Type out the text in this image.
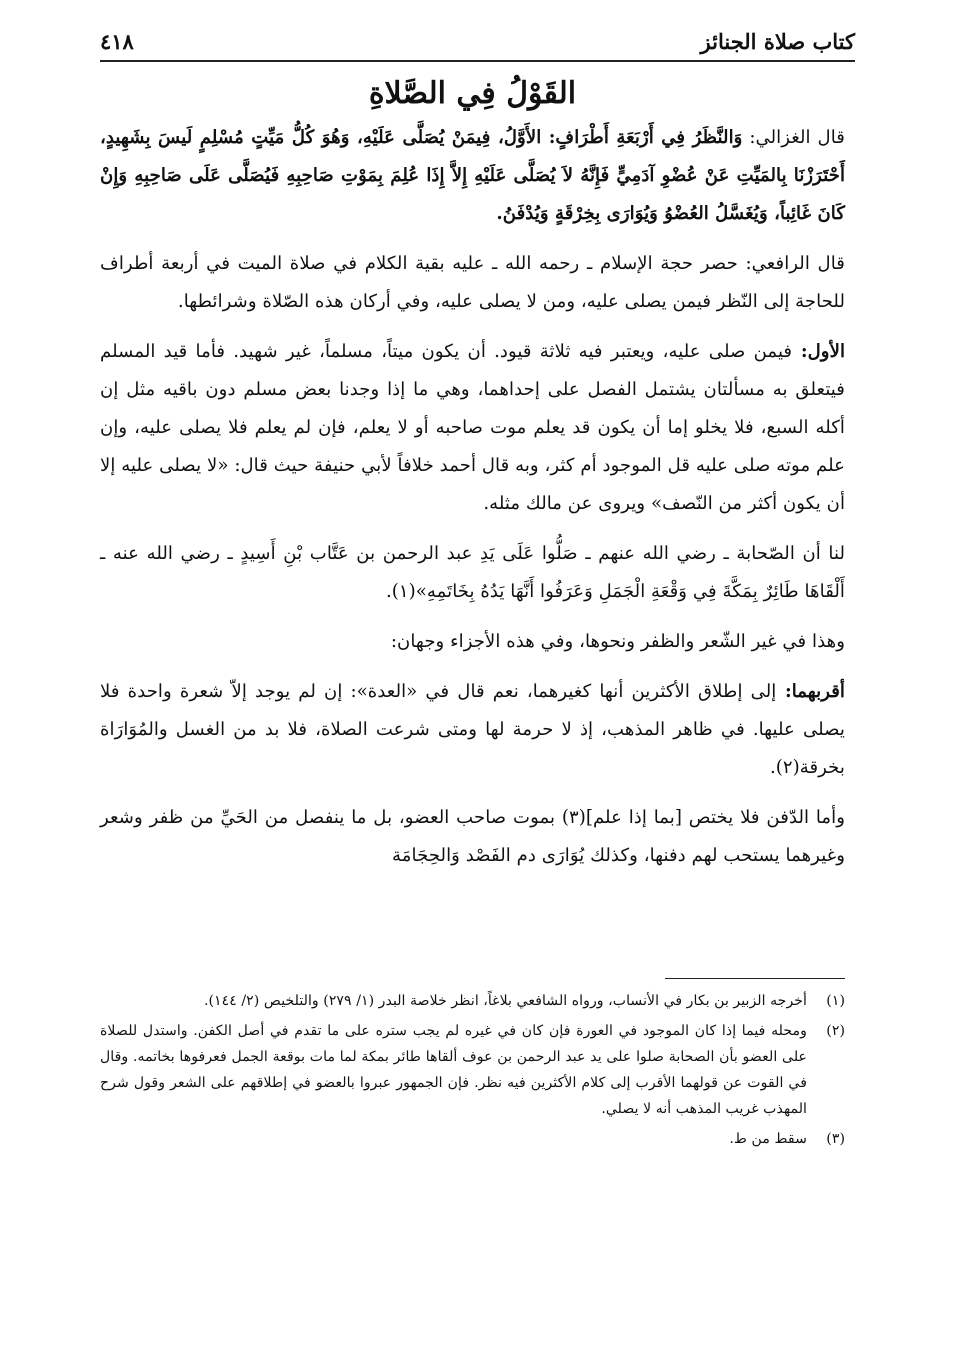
كتاب صلاة الجنائز
٤١٨
القَوْلُ فِي الصَّلاةِ

قال الغزالي: وَالنَّظَرُ فِي أَرْبَعَةِ أَطْرَافٍ: الأَوَّلُ، فِيمَنْ يُصَلَّى عَلَيْهِ، وَهُوَ كُلُّ مَيِّتٍ مُسْلِمٍ لَيسَ بِشَهِيدٍ، أَحْتَرَزْنَا بِالمَيِّتِ عَنْ عُضْوِ آدَمِيٍّ فَإِنَّهُ لاَ يُصَلَّى عَلَيْهِ إِلاَّ إِذَا عُلِمَ بِمَوْتِ صَاحِبِهِ فَيُصَلَّى عَلَى صَاحِبِهِ وَإِنْ كَانَ غَائِباً، وَيُغَسَّلُ العُضْوُ وَيُوَارَى بِخِرْقَةٍ وَيُدْفَنُ.

قال الرافعي: حصر حجة الإسلام ـ رحمه الله ـ عليه بقية الكلام في صلاة الميت في أربعة أطراف للحاجة إلى النّظر فيمن يصلى عليه، ومن لا يصلى عليه، وفي أركان هذه الصّلاة وشرائطها.

الأول: فيمن صلى عليه، ويعتبر فيه ثلاثة قيود. أن يكون ميتاً، مسلماً، غير شهيد. فأما قيد المسلم فيتعلق به مسألتان يشتمل الفصل على إحداهما، وهي ما إذا وجدنا بعض مسلم دون باقيه مثل إن أكله السبع، فلا يخلو إما أن يكون قد يعلم موت صاحبه أو لا يعلم، فإن لم يعلم فلا يصلى عليه، وإن علم موته صلى عليه قل الموجود أم كثر، وبه قال أحمد خلافاً لأبي حنيفة حيث قال: «لا يصلى عليه إلا أن يكون أكثر من النّصف» ويروى عن مالك مثله.

لنا أن الصّحابة ـ رضي الله عنهم ـ صَلُّوا عَلَى يَدِ عبد الرحمن بن عَتَّاب بْنِ أَسِيدٍ ـ رضي الله عنه ـ أَلْقَاهَا طَائِرٌ بِمَكَّةَ فِي وَقْعَةِ الْجَمَلِ وَعَرَفُوا أَنَّهَا يَدُهُ بِخَاتَمِهِ»(١).

وهذا في غير الشّعر والظفر ونحوها، وفي هذه الأجزاء وجهان:

أقربهما: إلى إطلاق الأكثرين أنها كغيرهما، نعم قال في «العدة»: إن لم يوجد إلاّ شعرة واحدة فلا يصلى عليها. في ظاهر المذهب، إذ لا حرمة لها ومتى شرعت الصلاة، فلا بد من الغسل والمُوَارَاة بخرقة(٢).

وأما الدّفن فلا يختص [بما إذا علم](٣) بموت صاحب العضو، بل ما ينفصل من الحَيِّ من ظفر وشعر وغيرهما يستحب لهم دفنها، وكذلك يُوَارَى دم الفَصْد وَالحِجَامَة

(١)
أخرجه الزبير بن بكار في الأنساب، ورواه الشافعي بلاغاً، انظر خلاصة البدر (١/ ٢٧٩) والتلخيص (٢/ ١٤٤).
(٢)
ومحله فيما إذا كان الموجود في العورة فإن كان في غيره لم يجب ستره على ما تقدم في أصل الكفن. واستدل للصلاة على العضو بأن الصحابة صلوا على يد عبد الرحمن بن عوف ألقاها طائر بمكة لما مات بوقعة الجمل فعرفوها بخاتمه. وقال في القوت عن قولهما الأقرب إلى كلام الأكثرين فيه نظر. فإن الجمهور عبروا بالعضو في إطلاقهم على الشعر وقول شرح المهذب غريب المذهب أنه لا يصلي.
(٣)
سقط من ط.
